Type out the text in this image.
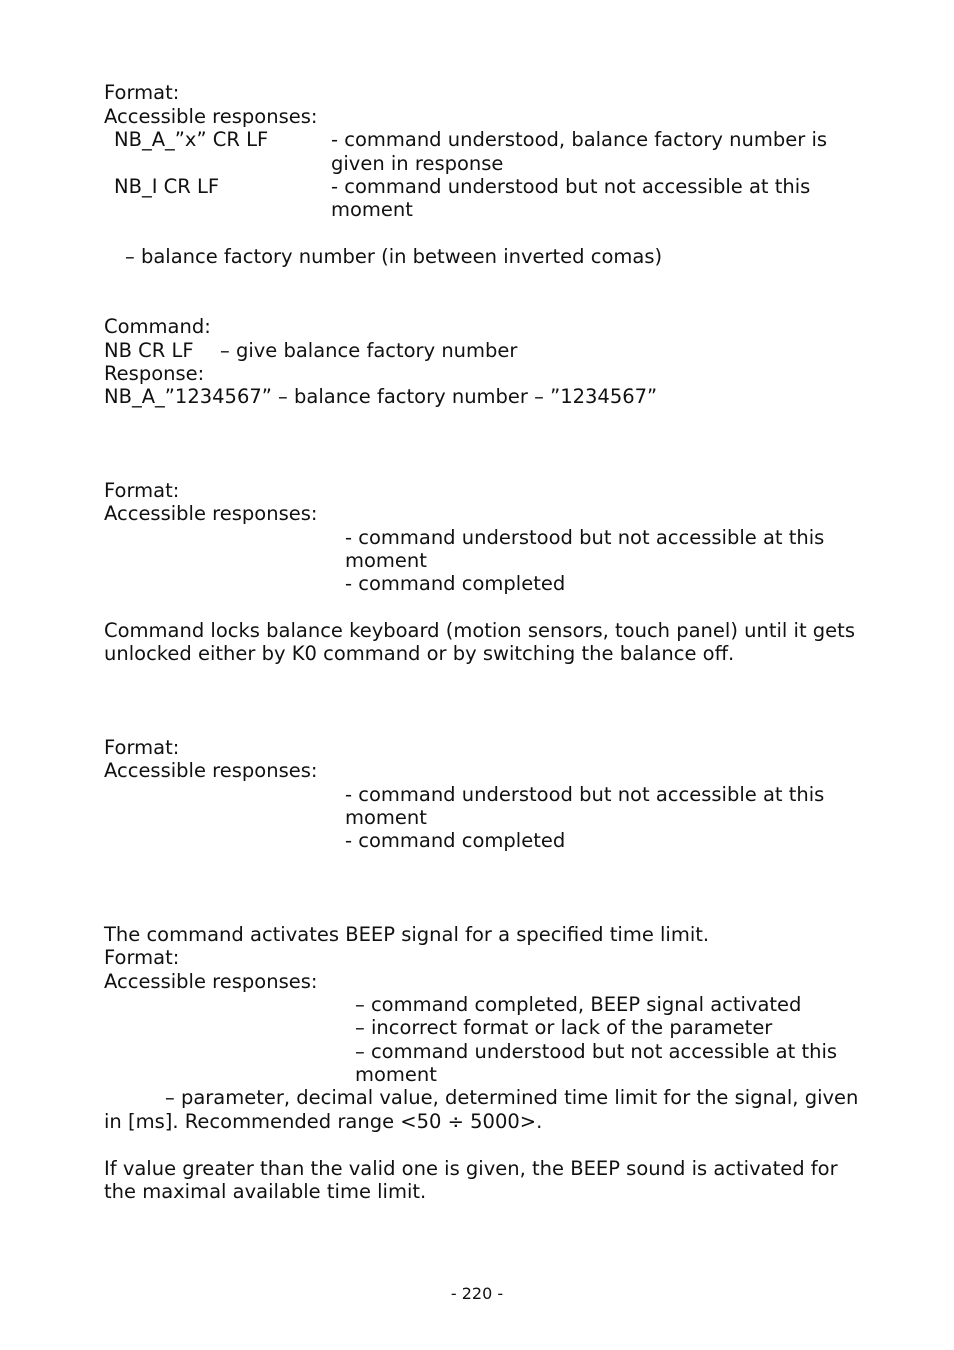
Format:
Accessible responses:
NB_A_”x” CR LF	- command understood, balance factory number is
given in response
NB_I CR LF	- command understood but not accessible at this
moment
– balance factory number (in between inverted comas)
Command:
NB CR LF – give balance factory number
Response:
NB_A_”1234567” – balance factory number – ”1234567”
Format:
Accessible responses:
- command understood but not accessible at this
moment
- command completed
Command locks balance keyboard (motion sensors, touch panel) until it gets
unlocked either by K0 command or by switching the balance off.
Format:
Accessible responses:
- command understood but not accessible at this
moment
- command completed
The command activates BEEP signal for a specified time limit.
Format:
Accessible responses:
– command completed, BEEP signal activated
– incorrect format or lack of the parameter
– command understood but not accessible at this
moment
– parameter, decimal value, determined time limit for the signal, given
in [ms]. Recommended range <50 ÷ 5000>.
If value greater than the valid one is given, the BEEP sound is activated for
the maximal available time limit.
- 220 -
